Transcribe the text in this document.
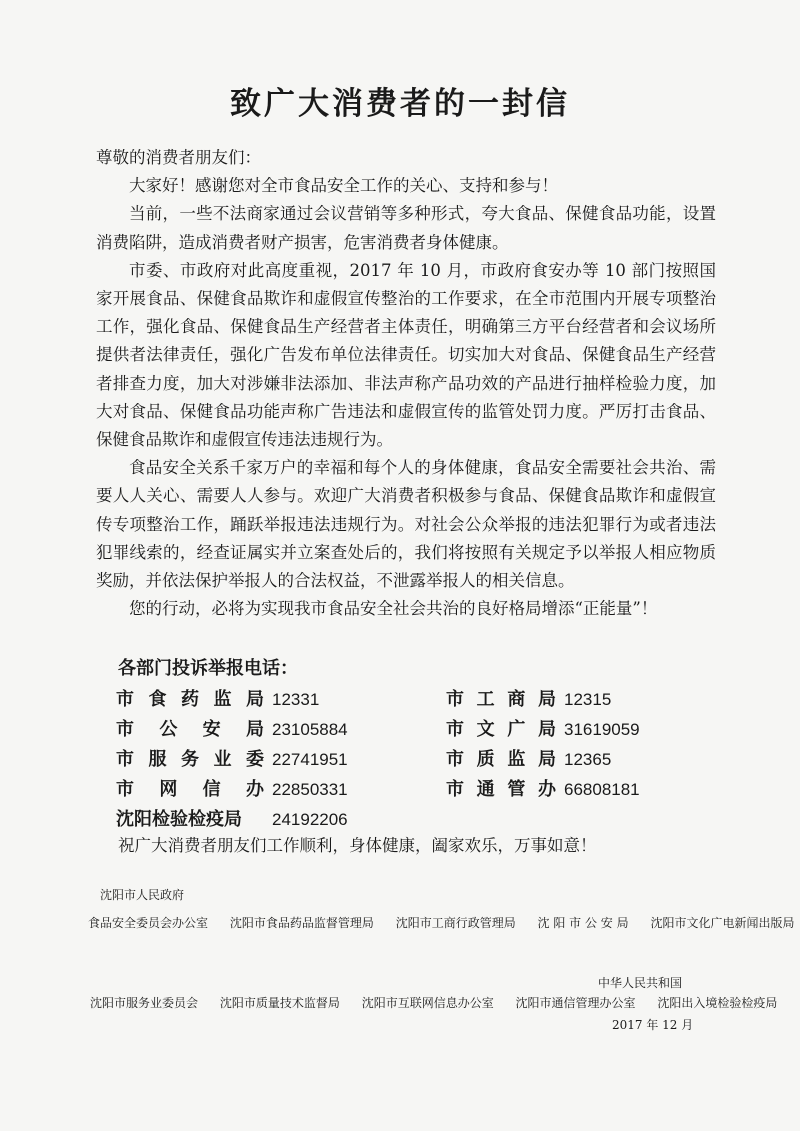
致广大消费者的一封信

尊敬的消费者朋友们：

大家好！感谢您对全市食品安全工作的关心、支持和参与！

当前，一些不法商家通过会议营销等多种形式，夸大食品、保健食品功能，设置消费陷阱，造成消费者财产损害，危害消费者身体健康。

市委、市政府对此高度重视，2017 年 10 月，市政府食安办等 10 部门按照国家开展食品、保健食品欺诈和虚假宣传整治的工作要求，在全市范围内开展专项整治工作，强化食品、保健食品生产经营者主体责任，明确第三方平台经营者和会议场所提供者法律责任，强化广告发布单位法律责任。切实加大对食品、保健食品生产经营者排查力度，加大对涉嫌非法添加、非法声称产品功效的产品进行抽样检验力度，加大对食品、保健食品功能声称广告违法和虚假宣传的监管处罚力度。严厉打击食品、保健食品欺诈和虚假宣传违法违规行为。

食品安全关系千家万户的幸福和每个人的身体健康，食品安全需要社会共治、需要人人关心、需要人人参与。欢迎广大消费者积极参与食品、保健食品欺诈和虚假宣传专项整治工作，踊跃举报违法违规行为。对社会公众举报的违法犯罪行为或者违法犯罪线索的，经查证属实并立案查处后的，我们将按照有关规定予以举报人相应物质奖励，并依法保护举报人的合法权益，不泄露举报人的相关信息。

您的行动，必将为实现我市食品安全社会共治的良好格局增添“正能量”！

各部门投诉举报电话：
市食药监局 12331	市工商局 12315
市公安局 23105884	市文广局 31619059
市服务业委 22741951	市质监局 12365
市网信办 22850331	市通管办 66808181
沈阳检验检疫局 24192206
祝广大消费者朋友们工作顺利，身体健康，阖家欢乐，万事如意！
沈阳市人民政府
食品安全委员会办公室 沈阳市食品药品监督管理局 沈阳市工商行政管理局 沈 阳 市 公 安 局 沈阳市文化广电新闻出版局
中华人民共和国
沈阳市服务业委员会 沈阳市质量技术监督局 沈阳市互联网信息办公室 沈阳市通信管理办公室 沈阳出入境检验检疫局
2017 年 12 月
